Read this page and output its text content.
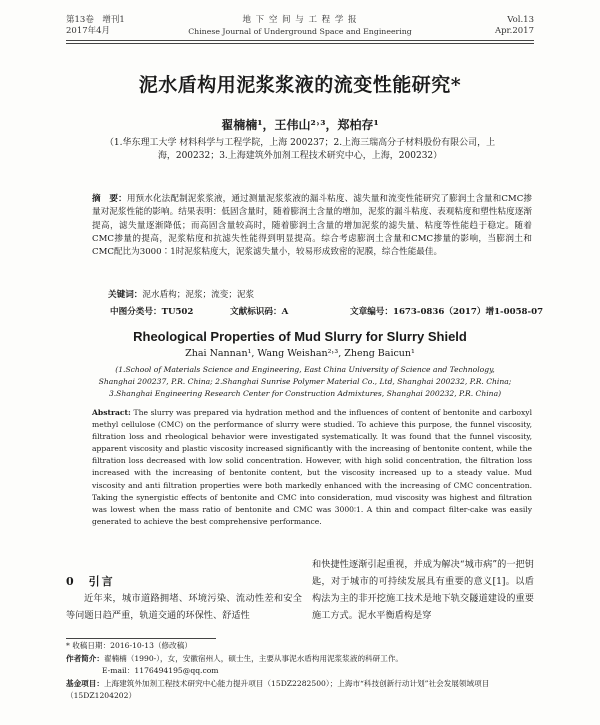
第13卷　增刊1
2017年4月
地 下 空 间 与 工 程 学 报
Chinese Journal of Underground Space and Engineering
Vol.13
Apr.2017
泥水盾构用泥浆浆液的流变性能研究*
翟楠楠¹，王伟山²˒³，郑柏存¹
（1.华东理工大学 材料科学与工程学院，上海 200237；2.上海三瑞高分子材料股份有限公司，上海，200232；3.上海建筑外加剂工程技术研究中心，上海，200232）
摘　要：用预水化法配制泥浆浆液，通过测量泥浆浆液的漏斗粘度、滤失量和流变性能研究了膨润土含量和CMC掺量对泥浆性能的影响。结果表明：低固含量时，随着膨润土含量的增加，泥浆的漏斗粘度、表观粘度和塑性粘度逐渐提高，滤失量逐渐降低；而高固含量较高时，随着膨润土含量的增加泥浆的滤失量、粘度等性能趋于稳定。随着CMC掺量的提高，泥浆粘度和抗滤失性能得到明显提高。综合考虑膨润土含量和CMC掺量的影响，当膨润土和CMC配比为3000∶1时泥浆粘度大，泥浆滤失量小，较易形成致密的泥膜，综合性能最佳。
关键词：泥水盾构；泥浆；流变；泥浆
中图分类号：TU502	文献标识码：A	文章编号：1673-0836（2017）增1-0058-07
Rheological Properties of Mud Slurry for Slurry Shield
Zhai Nannan¹, Wang Weishan²˒³, Zheng Baicun¹
(1.School of Materials Science and Engineering, East China University of Science and Technology, Shanghai 200237, P.R. China; 2.Shanghai Sunrise Polymer Material Co., Ltd, Shanghai 200232, P.R. China; 3.Shanghai Engineering Research Center for Construction Admixtures, Shanghai 200232, P.R. China)
Abstract: The slurry was prepared via hydration method and the influences of content of bentonite and carboxyl methyl cellulose (CMC) on the performance of slurry were studied. To achieve this purpose, the funnel viscosity, filtration loss and rheological behavior were investigated systematically. It was found that the funnel viscosity, apparent viscosity and plastic viscosity increased significantly with the increasing of bentonite content, while the filtration loss decreased with low solid concentration. However, with high solid concentration, the filtration loss increased with the increasing of bentonite content, but the viscosity increased up to a steady value. Mud viscosity and anti filtration properties were both markedly enhanced with the increasing of CMC concentration. Taking the synergistic effects of bentonite and CMC into consideration, mud viscosity was highest and filtration was lowest when the mass ratio of bentonite and CMC was 3000∶1. A thin and compact filter-cake was easily generated to achieve the best comprehensive performance.
0　 引言
近年来，城市道路拥堵、环境污染、流动性差和安全等问题日趋严重，轨道交通的环保性、舒适性
和快捷性逐渐引起重视，并成为解决“城市病”的一把钥匙，对于城市的可持续发展具有重要的意义[1]。以盾构法为主的非开挖施工技术是地下轨交隧道建设的重要施工方式。泥水平衡盾构是穿
* 收稿日期：2016-10-13（修改稿）
作者简介：翟楠楠（1990-），女，安徽宿州人，硕士生，主要从事泥水盾构用泥浆浆液的科研工作。
E-mail：1176494195@qq.com
基金项目：上海建筑外加剂工程技术研究中心能力提升项目（15DZ2282500）；上海市“科技创新行动计划”社会发展领域项目（15DZ1204202）
